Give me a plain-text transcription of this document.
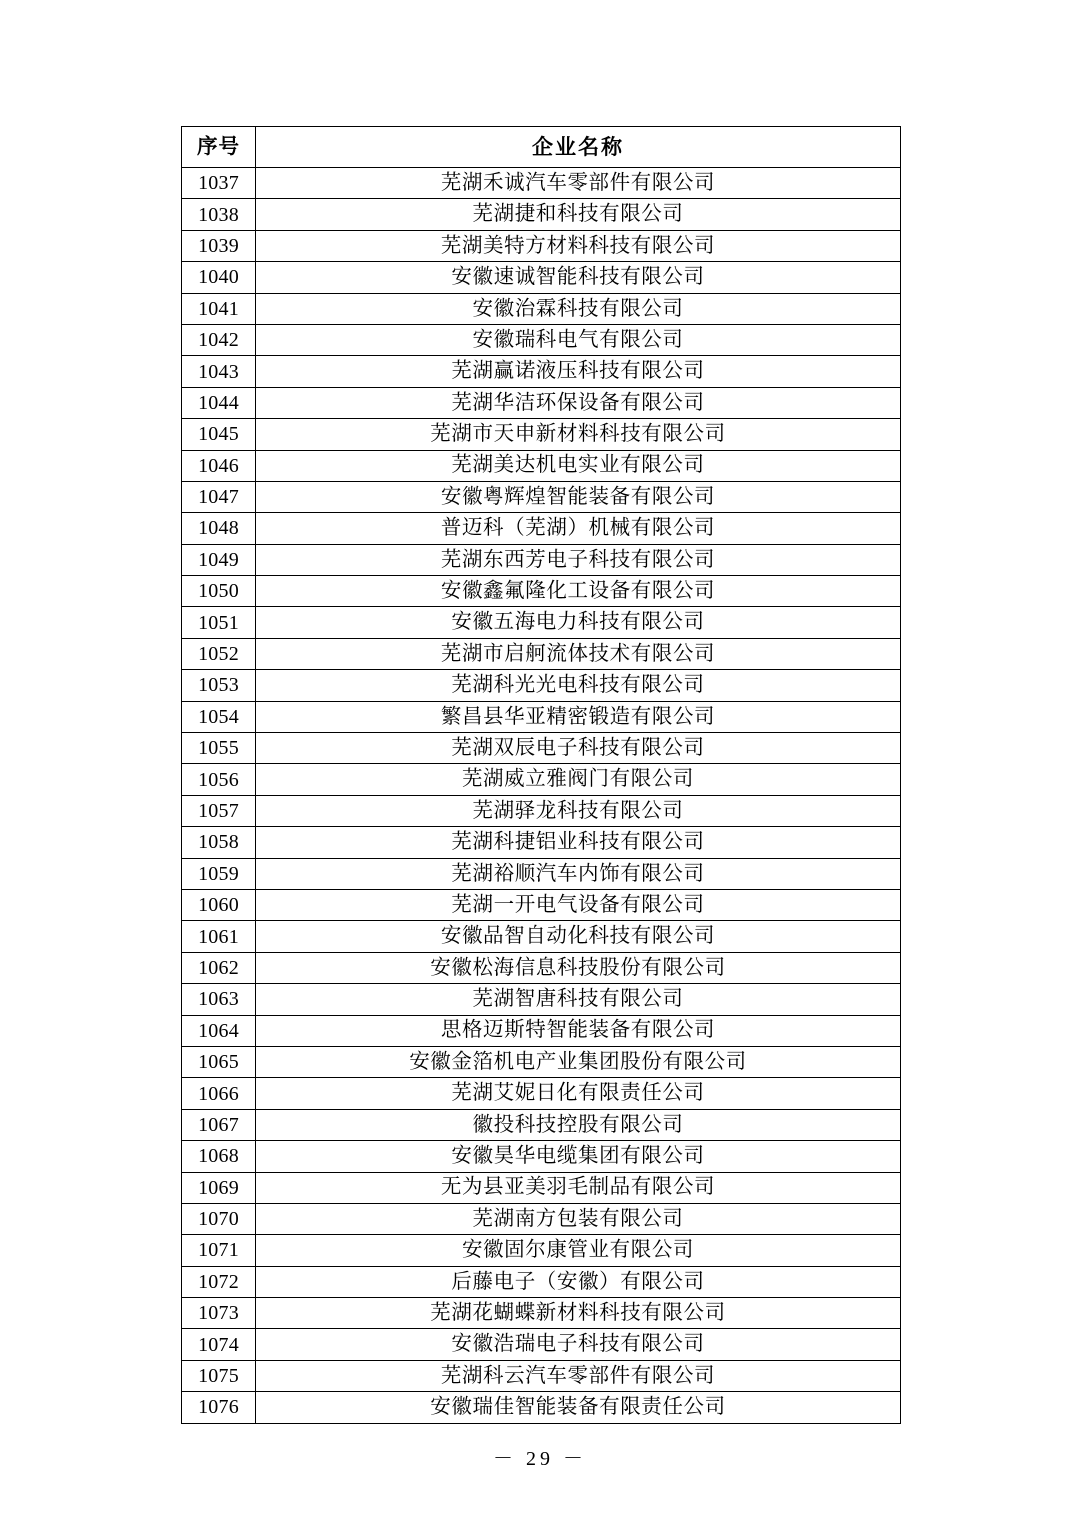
序号	企业名称
1037	芜湖禾诚汽车零部件有限公司
1038	芜湖捷和科技有限公司
1039	芜湖美特方材料科技有限公司
1040	安徽速诚智能科技有限公司
1041	安徽治霖科技有限公司
1042	安徽瑞科电气有限公司
1043	芜湖赢诺液压科技有限公司
1044	芜湖华洁环保设备有限公司
1045	芜湖市天申新材料科技有限公司
1046	芜湖美达机电实业有限公司
1047	安徽粤辉煌智能装备有限公司
1048	普迈科（芜湖）机械有限公司
1049	芜湖东西芳电子科技有限公司
1050	安徽鑫氟隆化工设备有限公司
1051	安徽五海电力科技有限公司
1052	芜湖市启舸流体技术有限公司
1053	芜湖科光光电科技有限公司
1054	繁昌县华亚精密锻造有限公司
1055	芜湖双辰电子科技有限公司
1056	芜湖威立雅阀门有限公司
1057	芜湖驿龙科技有限公司
1058	芜湖科捷铝业科技有限公司
1059	芜湖裕顺汽车内饰有限公司
1060	芜湖一开电气设备有限公司
1061	安徽品智自动化科技有限公司
1062	安徽松海信息科技股份有限公司
1063	芜湖智唐科技有限公司
1064	思格迈斯特智能装备有限公司
1065	安徽金箔机电产业集团股份有限公司
1066	芜湖艾妮日化有限责任公司
1067	徽投科技控股有限公司
1068	安徽昊华电缆集团有限公司
1069	无为县亚美羽毛制品有限公司
1070	芜湖南方包装有限公司
1071	安徽固尔康管业有限公司
1072	后藤电子（安徽）有限公司
1073	芜湖花蝴蝶新材料科技有限公司
1074	安徽浩瑞电子科技有限公司
1075	芜湖科云汽车零部件有限公司
1076	安徽瑞佳智能装备有限责任公司
－ 29 －
